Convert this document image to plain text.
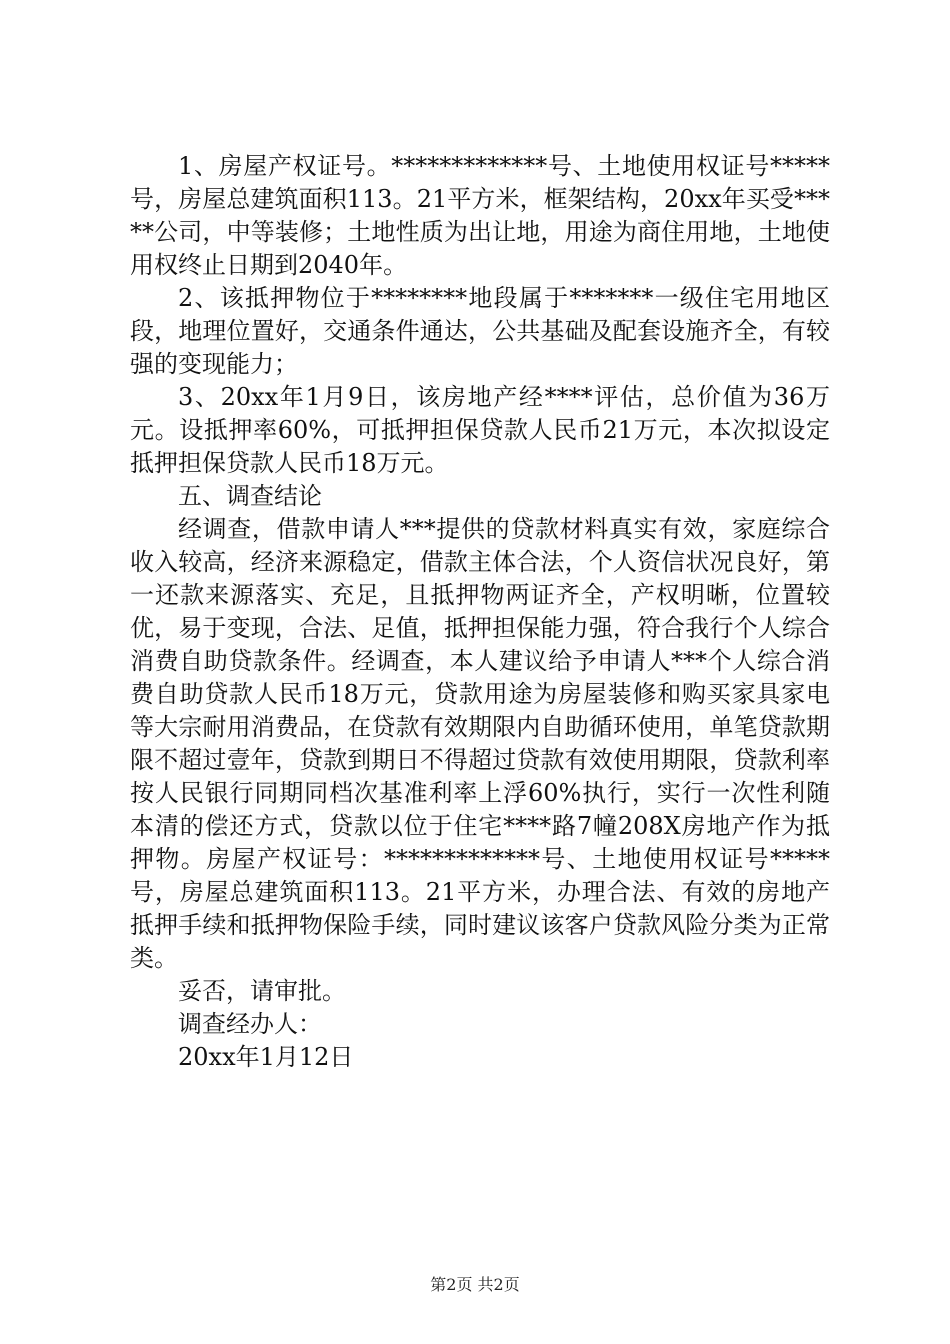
1、房屋产权证号。*************号、土地使用权证号*****号，房屋总建筑面积113。21平方米，框架结构，20xx年买受*****公司，中等装修；土地性质为出让地，用途为商住用地，土地使用权终止日期到2040年。

2、该抵押物位于********地段属于*******一级住宅用地区段，地理位置好，交通条件通达，公共基础及配套设施齐全，有较强的变现能力；

3、20xx年1月9日，该房地产经****评估，总价值为36万元。设抵押率60%，可抵押担保贷款人民币21万元，本次拟设定抵押担保贷款人民币18万元。

五、调查结论

经调查，借款申请人***提供的贷款材料真实有效，家庭综合收入较高，经济来源稳定，借款主体合法，个人资信状况良好，第一还款来源落实、充足，且抵押物两证齐全，产权明晰，位置较优，易于变现，合法、足值，抵押担保能力强，符合我行个人综合消费自助贷款条件。经调查，本人建议给予申请人***个人综合消费自助贷款人民币18万元，贷款用途为房屋装修和购买家具家电等大宗耐用消费品，在贷款有效期限内自助循环使用，单笔贷款期限不超过壹年，贷款到期日不得超过贷款有效使用期限，贷款利率按人民银行同期同档次基准利率上浮60%执行，实行一次性利随本清的偿还方式，贷款以位于住宅****路7幢208X房地产作为抵押物。房屋产权证号：*************号、土地使用权证号*****号，房屋总建筑面积113。21平方米，办理合法、有效的房地产抵押手续和抵押物保险手续，同时建议该客户贷款风险分类为正常类。

妥否，请审批。

调查经办人：

20xx年1月12日

第2页 共2页
